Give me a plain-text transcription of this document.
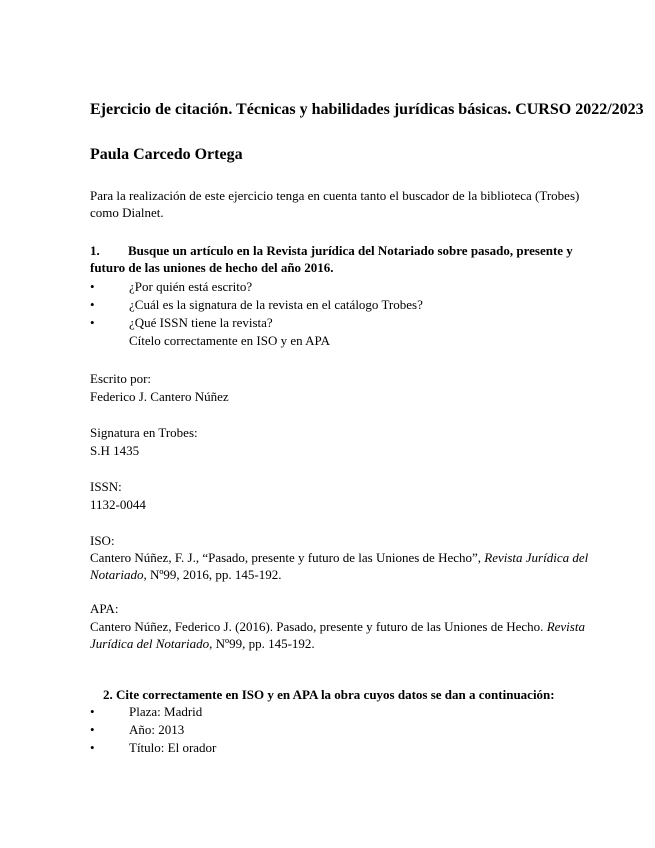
Ejercicio de citación. Técnicas y habilidades jurídicas básicas. CURSO 2022/2023
Paula Carcedo Ortega
Para la realización de este ejercicio tenga en cuenta tanto el buscador de la biblioteca (Trobes) como Dialnet.
1. Busque un artículo en la Revista jurídica del Notariado sobre pasado, presente y futuro de las uniones de hecho del año 2016.
•	¿Por quién está escrito?
•	¿Cuál es la signatura de la revista en el catálogo Trobes?
•	¿Qué ISSN tiene la revista?
Cítelo correctamente en ISO y en APA
Escrito por:
Federico J. Cantero Núñez
Signatura en Trobes:
S.H 1435
ISSN:
1132-0044
ISO:
Cantero Núñez, F. J., “Pasado, presente y futuro de las Uniones de Hecho”, Revista Jurídica del Notariado, Nº99, 2016, pp. 145-192.
APA:
Cantero Núñez, Federico J. (2016). Pasado, presente y futuro de las Uniones de Hecho. Revista Jurídica del Notariado, Nº99, pp. 145-192.
2. Cite correctamente en ISO y en APA la obra cuyos datos se dan a continuación:
•	Plaza: Madrid
•	Año: 2013
•	Título: El orador
